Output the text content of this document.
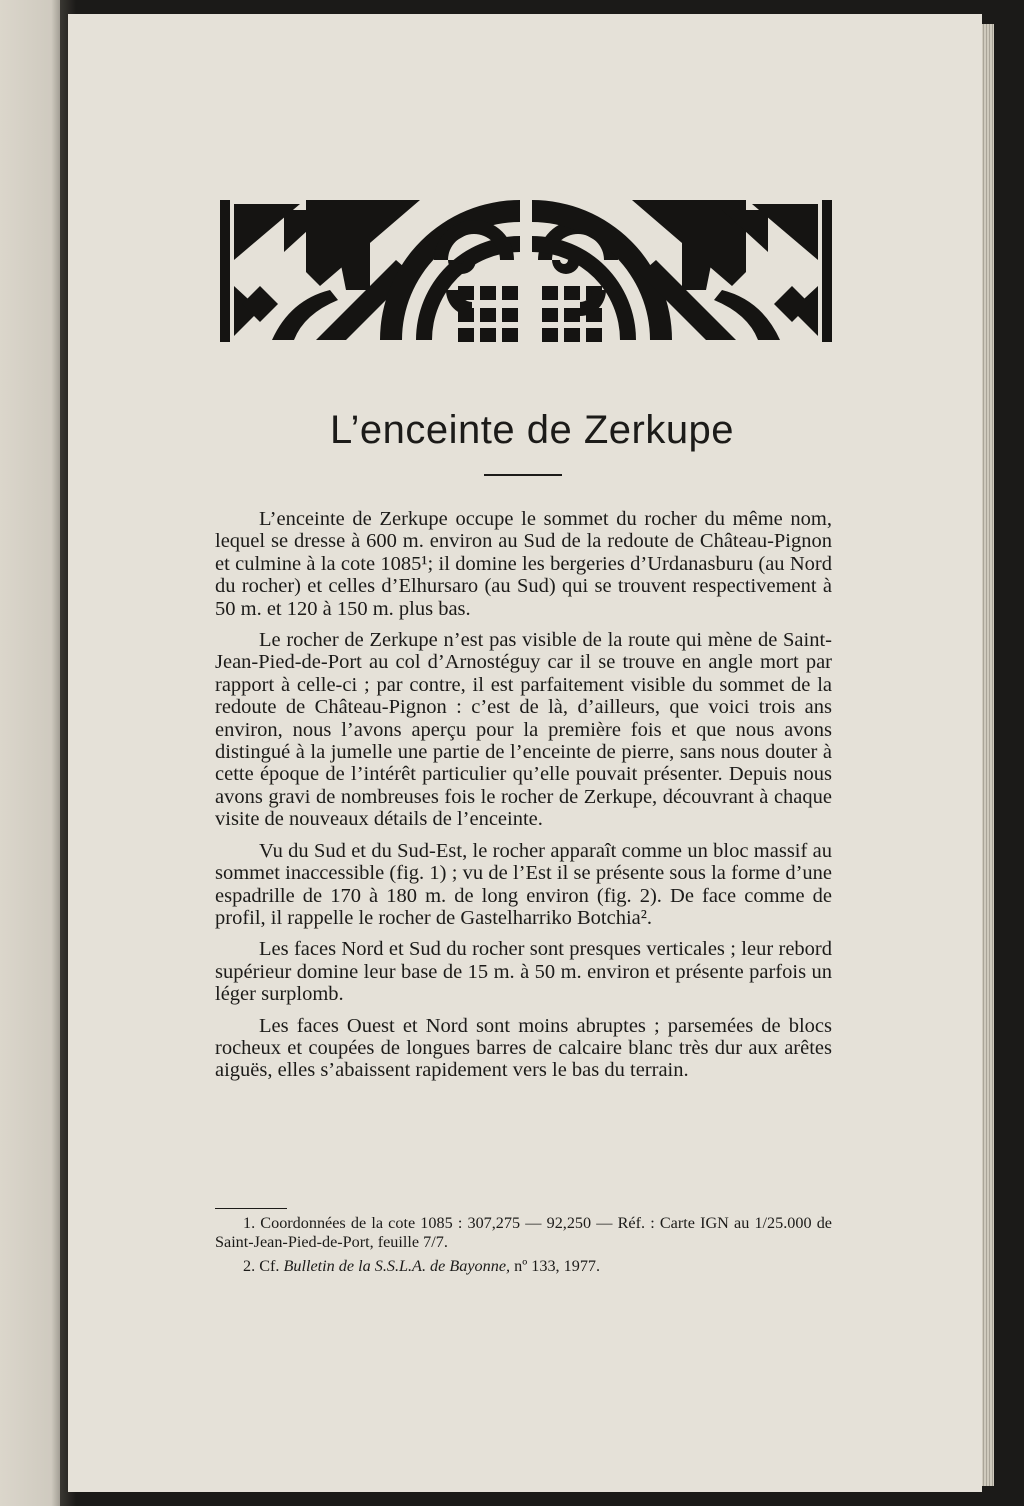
L’enceinte de Zerkupe

L’enceinte de Zerkupe occupe le sommet du rocher du même nom, lequel se dresse à 600 m. environ au Sud de la redoute de Château-Pignon et culmine à la cote 1085¹; il domine les bergeries d’Urdanasburu (au Nord du rocher) et celles d’Elhursaro (au Sud) qui se trouvent respectivement à 50 m. et 120 à 150 m. plus bas.

Le rocher de Zerkupe n’est pas visible de la route qui mène de Saint-Jean-Pied-de-Port au col d’Arnostéguy car il se trouve en angle mort par rapport à celle-ci ; par contre, il est parfaitement visible du sommet de la redoute de Château-Pignon : c’est de là, d’ailleurs, que voici trois ans environ, nous l’avons aperçu pour la première fois et que nous avons distingué à la jumelle une partie de l’enceinte de pierre, sans nous douter à cette époque de l’intérêt particulier qu’elle pouvait présenter. Depuis nous avons gravi de nombreuses fois le rocher de Zerkupe, découvrant à chaque visite de nouveaux détails de l’enceinte.

Vu du Sud et du Sud-Est, le rocher apparaît comme un bloc massif au sommet inaccessible (fig. 1) ; vu de l’Est il se présente sous la forme d’une espadrille de 170 à 180 m. de long environ (fig. 2). De face comme de profil, il rappelle le rocher de Gastelharriko Botchia².

Les faces Nord et Sud du rocher sont presques verticales ; leur rebord supérieur domine leur base de 15 m. à 50 m. environ et présente parfois un léger surplomb.

Les faces Ouest et Nord sont moins abruptes ; parsemées de blocs rocheux et coupées de longues barres de calcaire blanc très dur aux arêtes aiguës, elles s’abaissent rapidement vers le bas du terrain.

1. Coordonnées de la cote 1085 : 307,275 — 92,250 — Réf. : Carte IGN au 1/25.000 de Saint-Jean-Pied-de-Port, feuille 7/7.

2. Cf. Bulletin de la S.S.L.A. de Bayonne, nº 133, 1977.
